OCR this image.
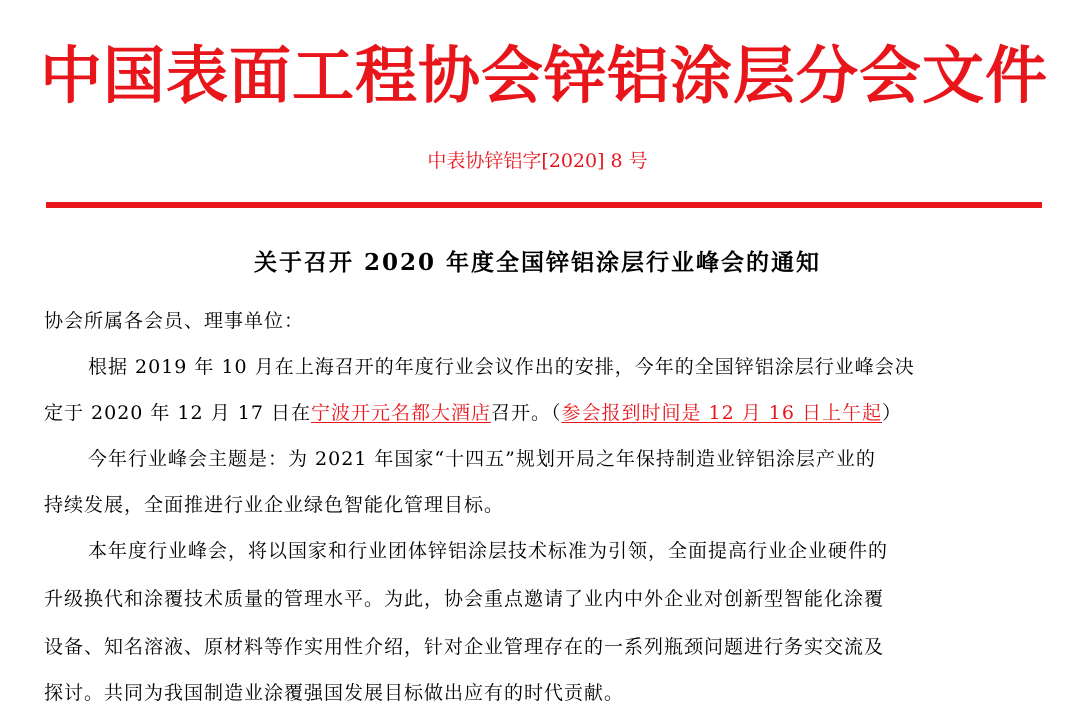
中国表面工程协会锌铝涂层分会文件
中表协锌铝字[2020] 8 号
关于召开 2020 年度全国锌铝涂层行业峰会的通知
协会所属各会员、理事单位：
根据 2019 年 10 月在上海召开的年度行业会议作出的安排，今年的全国锌铝涂层行业峰会决
定于 2020 年 12 月 17 日在宁波开元名都大酒店召开。（参会报到时间是 12 月 16 日上午起）
今年行业峰会主题是：为 2021 年国家“十四五”规划开局之年保持制造业锌铝涂层产业的
持续发展，全面推进行业企业绿色智能化管理目标。
本年度行业峰会，将以国家和行业团体锌铝涂层技术标准为引领，全面提高行业企业硬件的
升级换代和涂覆技术质量的管理水平。为此，协会重点邀请了业内中外企业对创新型智能化涂覆
设备、知名溶液、原材料等作实用性介绍，针对企业管理存在的一系列瓶颈问题进行务实交流及
探讨。共同为我国制造业涂覆强国发展目标做出应有的时代贡献。
